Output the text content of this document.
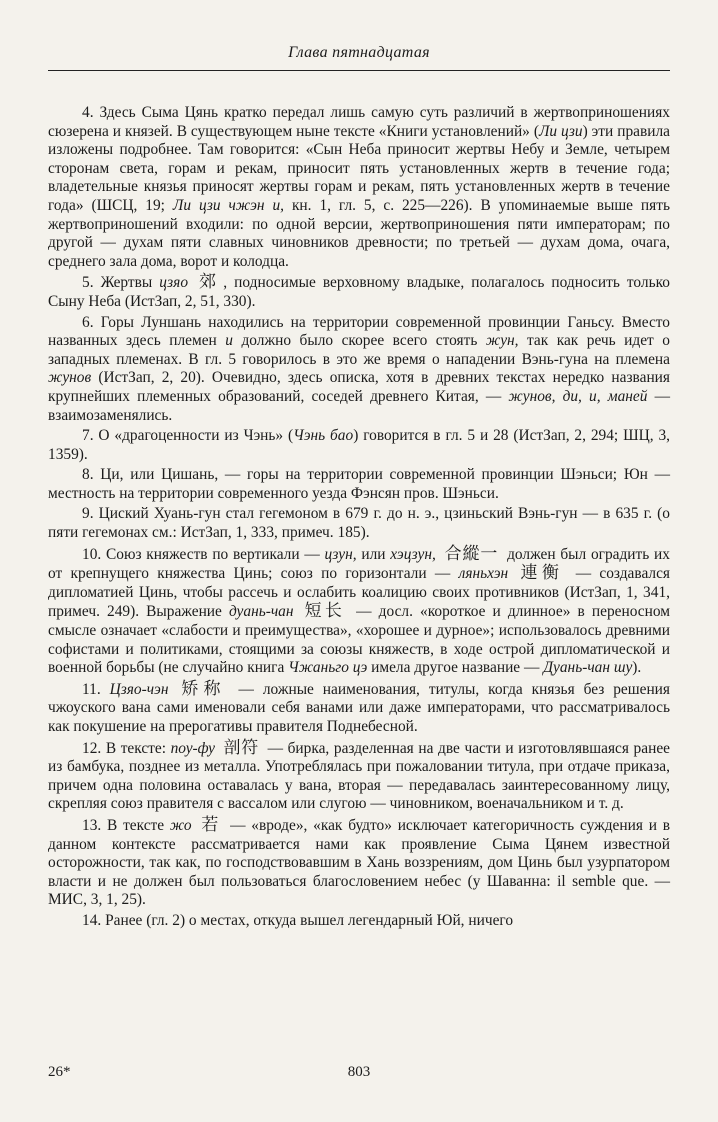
Глава пятнадцатая

4. Здесь Сыма Цянь кратко передал лишь самую суть различий в жертвоприношениях сюзерена и князей. В существующем ныне тексте «Книги установлений» (Ли цзи) эти правила изложены подробнее. Там говорится: «Сын Неба приносит жертвы Небу и Земле, четырем сторонам света, горам и рекам, приносит пять установленных жертв в течение года; владетельные князья приносят жертвы горам и рекам, пять установленных жертв в течение года» (ШСЦ, 19; Ли цзи чжэн и, кн. 1, гл. 5, с. 225—226). В упоминаемые выше пять жертвоприношений входили: по одной версии, жертвоприношения пяти императорам; по другой — духам пяти славных чиновников древности; по третьей — духам дома, очага, среднего зала дома, ворот и колодца.

5. Жертвы цзяо 郊 , подносимые верховному владыке, полагалось подносить только Сыну Неба (ИстЗап, 2, 51, 330).

6. Горы Луншань находились на территории современной провинции Ганьсу. Вместо названных здесь племен и должно было скорее всего стоять жун, так как речь идет о западных племенах. В гл. 5 говорилось в это же время о нападении Вэнь-гуна на племена жунов (ИстЗап, 2, 20). Очевидно, здесь описка, хотя в древних текстах нередко названия крупнейших племенных образований, соседей древнего Китая, — жунов, ди, и, маней — взаимозаменялись.

7. О «драгоценности из Чэнь» (Чэнь бао) говорится в гл. 5 и 28 (ИстЗап, 2, 294; ШЦ, 3, 1359).

8. Ци, или Цишань, — горы на территории современной провинции Шэньси; Юн — местность на территории современного уезда Фэнсян пров. Шэньси.

9. Циский Хуань-гун стал гегемоном в 679 г. до н. э., цзиньский Вэнь-гун — в 635 г. (о пяти гегемонах см.: ИстЗап, 1, 333, примеч. 185).

10. Союз княжеств по вертикали — цзун, или хэцзун, 合縱一 должен был оградить их от крепнущего княжества Цинь; союз по горизонтали — ляньхэн 連衡 — создавался дипломатией Цинь, чтобы рассечь и ослабить коалицию своих противников (ИстЗап, 1, 341, примеч. 249). Выражение дуань-чан 短长 — досл. «короткое и длинное» в переносном смысле означает «слабости и преимущества», «хорошее и дурное»; использовалось древними софистами и политиками, стоящими за союзы княжеств, в ходе острой дипломатической и военной борьбы (не случайно книга Чжаньго цэ имела другое название — Дуань-чан шу).

11. Цзяо-чэн 矫称 — ложные наименования, титулы, когда князья без решения чжоуского вана сами именовали себя ванами или даже императорами, что рассматривалось как покушение на прерогативы правителя Поднебесной.

12. В тексте: поу-фу 剖符 — бирка, разделенная на две части и изготовлявшаяся ранее из бамбука, позднее из металла. Употреблялась при пожаловании титула, при отдаче приказа, причем одна половина оставалась у вана, вторая — передавалась заинтересованному лицу, скрепляя союз правителя с вассалом или слугою — чиновником, военачальником и т. д.

13. В тексте жо 若 — «вроде», «как будто» исключает категоричность суждения и в данном контексте рассматривается нами как проявление Сыма Цянем известной осторожности, так как, по господствовавшим в Хань воззрениям, дом Цинь был узурпатором власти и не должен был пользоваться благословением небес (у Шаванна: il semble que. — МИС, 3, 1, 25).

14. Ранее (гл. 2) о местах, откуда вышел легендарный Юй, ничего

26*	803
